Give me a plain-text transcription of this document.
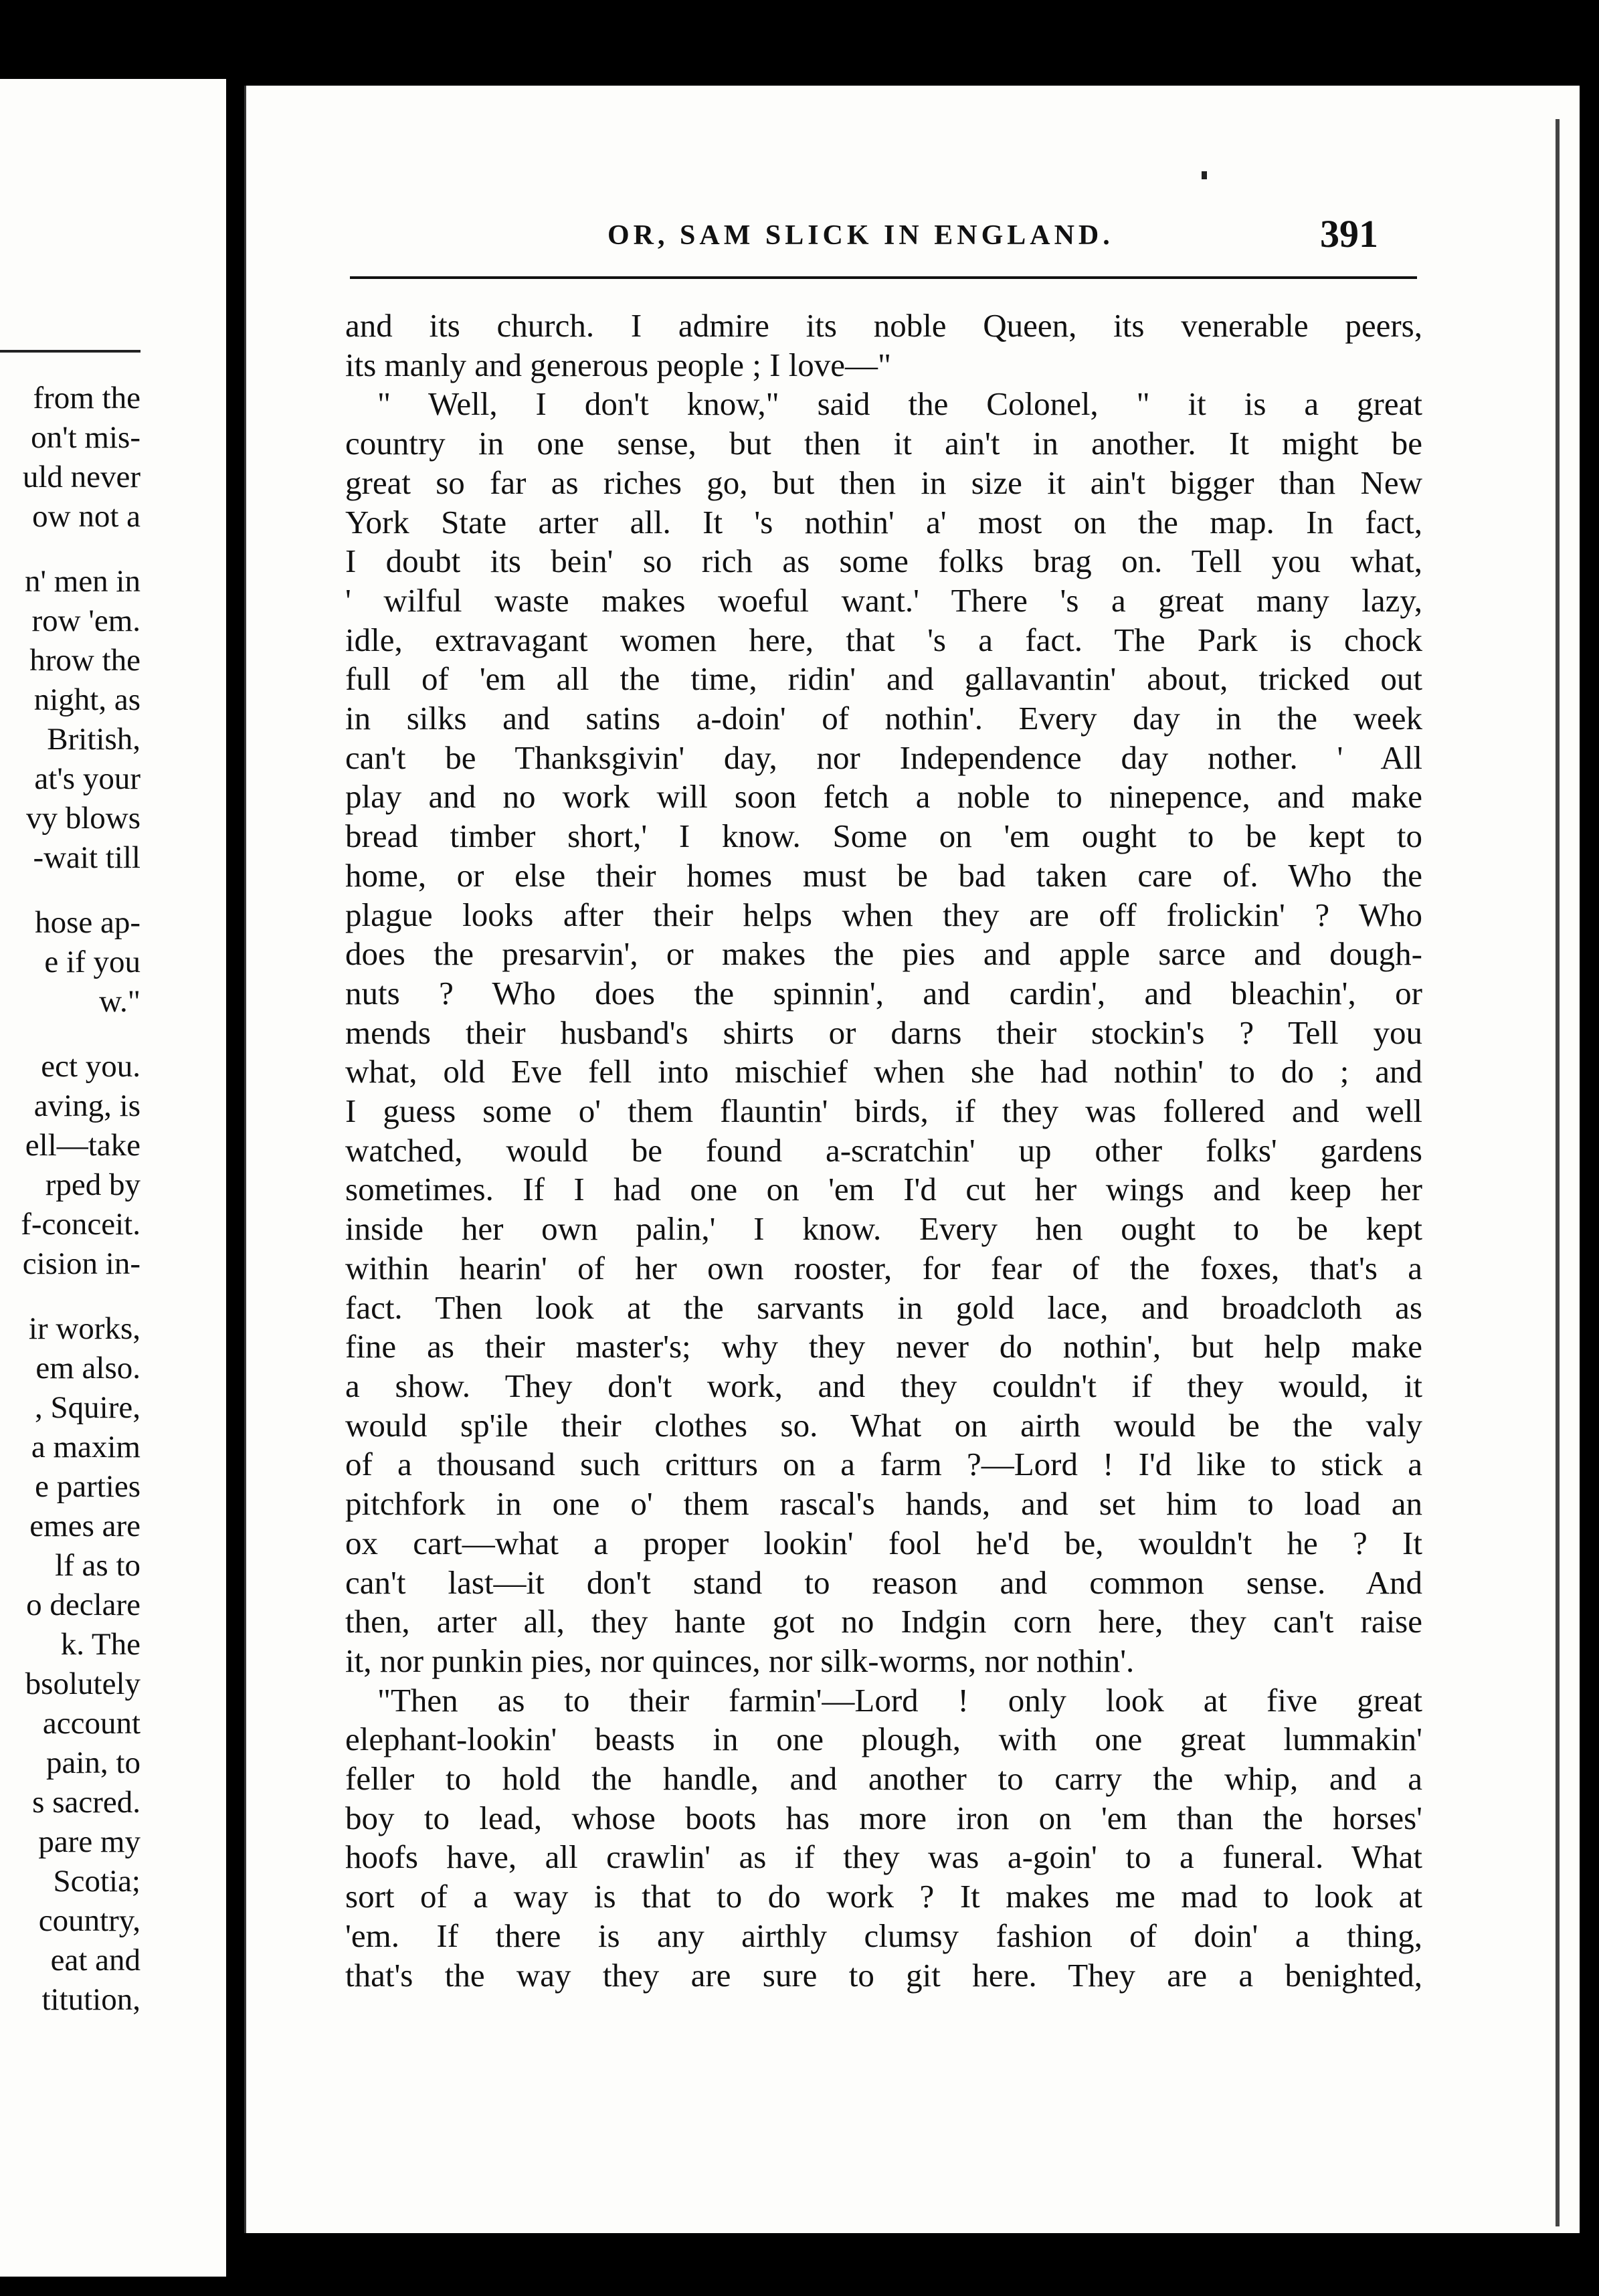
from the
on't mis-
uld never
ow not a
n' men in
row 'em.
hrow the
night, as
British,
at's your
vy blows
-wait till
hose ap-
e if you
w."
ect you.
aving, is
ell—take
rped by
f-conceit.
cision in-
ir works,
em also.
, Squire,
a maxim
e parties
emes are
lf as to
o declare
k. The
bsolutely
account
pain, to
s sacred.
pare my
Scotia;
country,
eat and
titution,
OR, SAM SLICK IN ENGLAND.	391
and its church. I admire its noble Queen, its venerable peers,
its manly and generous people ; I love—"
" Well, I don't know," said the Colonel, " it is a great
country in one sense, but then it ain't in another. It might be
great so far as riches go, but then in size it ain't bigger than New
York State arter all. It 's nothin' a' most on the map. In fact,
I doubt its bein' so rich as some folks brag on. Tell you what,
' wilful waste makes woeful want.' There 's a great many lazy,
idle, extravagant women here, that 's a fact. The Park is chock
full of 'em all the time, ridin' and gallavantin' about, tricked out
in silks and satins a-doin' of nothin'. Every day in the week
can't be Thanksgivin' day, nor Independence day nother. ' All
play and no work will soon fetch a noble to ninepence, and make
bread timber short,' I know. Some on 'em ought to be kept to
home, or else their homes must be bad taken care of. Who the
plague looks after their helps when they are off frolickin' ? Who
does the presarvin', or makes the pies and apple sarce and dough-
nuts ? Who does the spinnin', and cardin', and bleachin', or
mends their husband's shirts or darns their stockin's ? Tell you
what, old Eve fell into mischief when she had nothin' to do ; and
I guess some o' them flauntin' birds, if they was follered and well
watched, would be found a-scratchin' up other folks' gardens
sometimes. If I had one on 'em I'd cut her wings and keep her
inside her own palin,' I know. Every hen ought to be kept
within hearin' of her own rooster, for fear of the foxes, that's a
fact. Then look at the sarvants in gold lace, and broadcloth as
fine as their master's; why they never do nothin', but help make
a show. They don't work, and they couldn't if they would, it
would sp'ile their clothes so. What on airth would be the valy
of a thousand such critturs on a farm ?—Lord ! I'd like to stick a
pitchfork in one o' them rascal's hands, and set him to load an
ox cart—what a proper lookin' fool he'd be, wouldn't he ? It
can't last—it don't stand to reason and common sense. And
then, arter all, they hante got no Indgin corn here, they can't raise
it, nor punkin pies, nor quinces, nor silk-worms, nor nothin'.
"Then as to their farmin'—Lord ! only look at five great
elephant-lookin' beasts in one plough, with one great lummakin'
feller to hold the handle, and another to carry the whip, and a
boy to lead, whose boots has more iron on 'em than the horses'
hoofs have, all crawlin' as if they was a-goin' to a funeral. What
sort of a way is that to do work ? It makes me mad to look at
'em. If there is any airthly clumsy fashion of doin' a thing,
that's the way they are sure to git here. They are a benighted,
